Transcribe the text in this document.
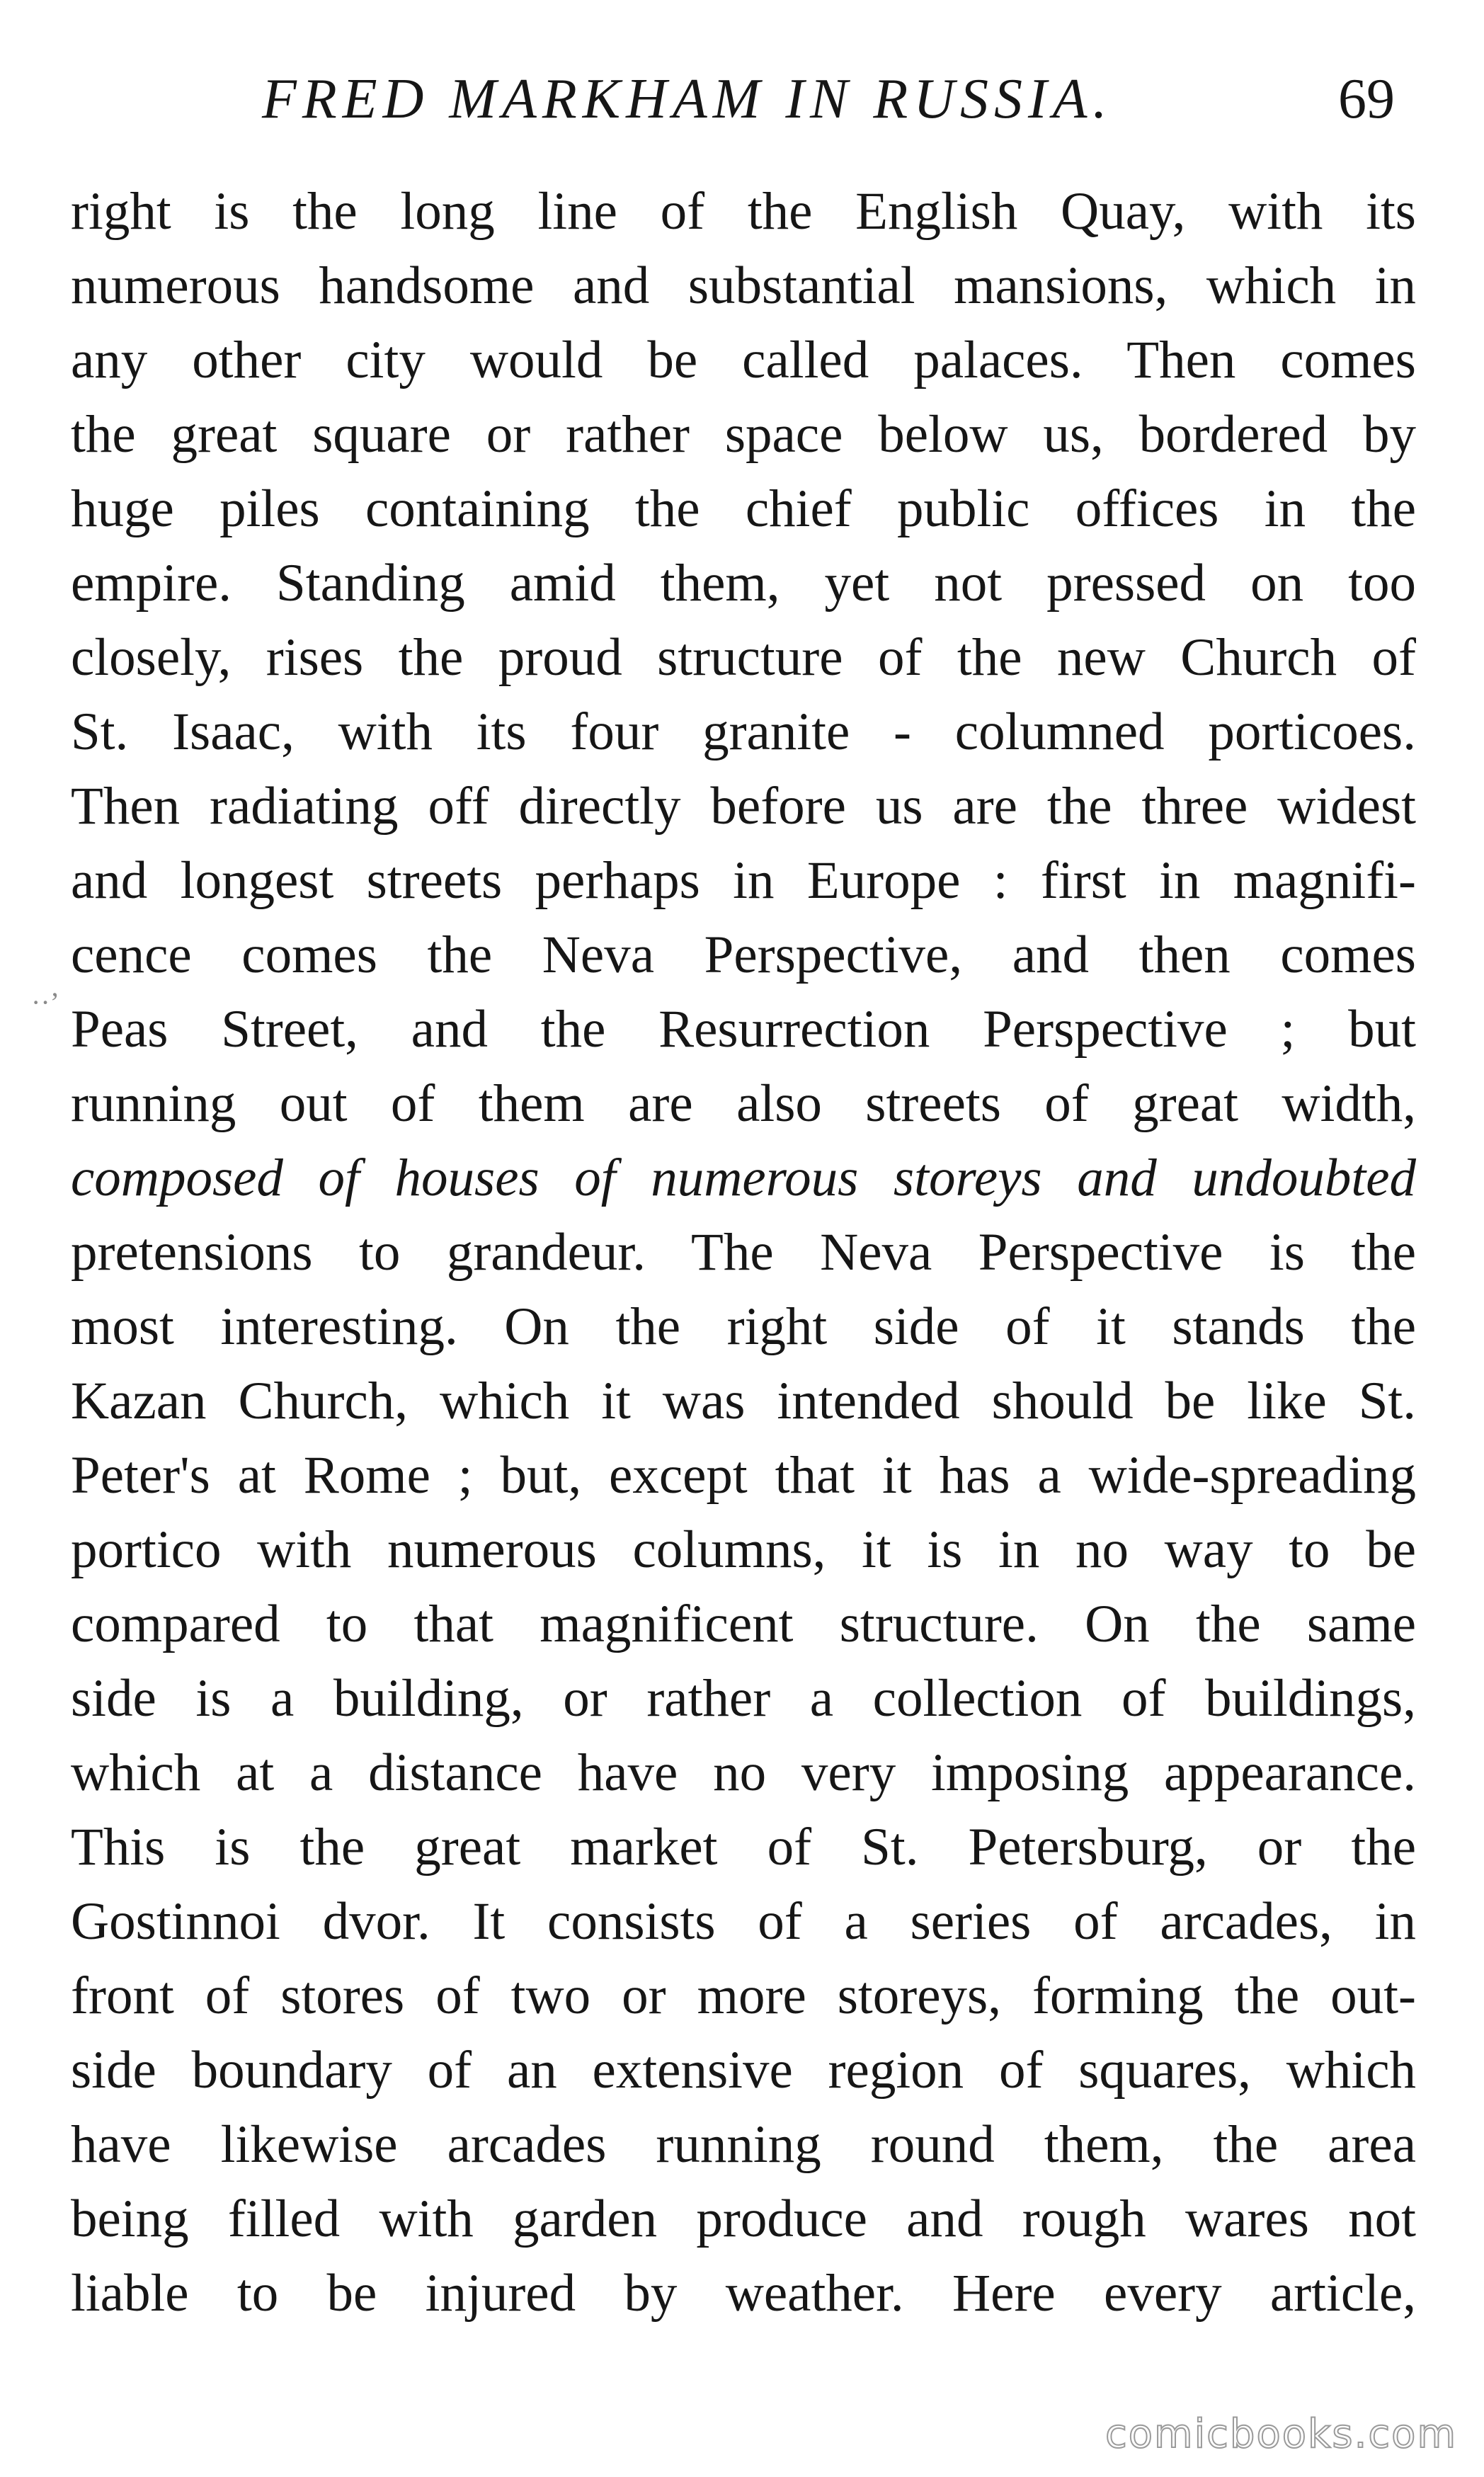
FRED MARKHAM IN RUSSIA.	69
··’
right is the long line of the English Quay, with its
numerous handsome and substantial mansions, which in
any other city would be called palaces. Then comes
the great square or rather space below us, bordered by
huge piles containing the chief public offices in the
empire. Standing amid them, yet not pressed on too
closely, rises the proud structure of the new Church of
St. Isaac, with its four granite - columned porticoes.
Then radiating off directly before us are the three widest
and longest streets perhaps in Europe : first in magnifi-
cence comes the Neva Perspective, and then comes
Peas Street, and the Resurrection Perspective ; but
running out of them are also streets of great width,
composed of houses of numerous storeys and undoubted
pretensions to grandeur. The Neva Perspective is the
most interesting. On the right side of it stands the
Kazan Church, which it was intended should be like St.
Peter's at Rome ; but, except that it has a wide-spreading
portico with numerous columns, it is in no way to be
compared to that magnificent structure. On the same
side is a building, or rather a collection of buildings,
which at a distance have no very imposing appearance.
This is the great market of St. Petersburg, or the
Gostinnoi dvor. It consists of a series of arcades, in
front of stores of two or more storeys, forming the out-
side boundary of an extensive region of squares, which
have likewise arcades running round them, the area
being filled with garden produce and rough wares not
liable to be injured by weather. Here every article,
comicbooks.com
